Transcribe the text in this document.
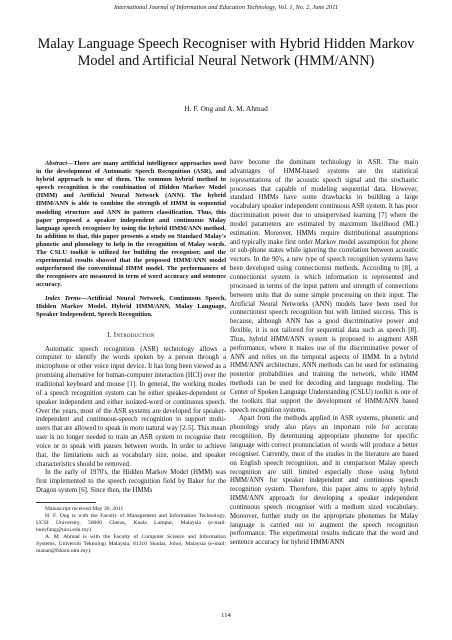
International Journal of Information and Education Technology, Vol. 1, No. 2, June 2011
Malay Language Speech Recogniser with Hybrid Hidden Markov Model and Artificial Neural Network (HMM/ANN)
H. F. Ong and A. M. Ahmad

Abstract—There are many artificial intelligence approaches used in the development of Automatic Speech Recognition (ASR), and hybrid approach is one of them. The common hybrid method in speech recognition is the combination of Hidden Markov Model (HMM) and Artificial Neural Network (ANN). The hybrid HMM/ANN is able to combine the strength of HMM in sequential modeling structure and ANN in pattern classification. Thus, this paper proposed a speaker independent and continuous Malay language speech recogniser by using the hybrid HMM/ANN method. In addition to that, this paper presents a study on Standard Malay's phonetic and phonology to help in the recognition of Malay words. The CSLU toolkit is utilized for building the recogniser, and the experimental results showed that the proposed HMM/ANN model outperformed the conventional HMM model. The performances of the recognisers are measured in term of word accuracy and sentence accuracy.

Index Terms—Artificial Neural Network, Continuous Speech, Hidden Markov Model, Hybrid HMM/ANN, Malay Language, Speaker Independent, Speech Recognition.

I. Introduction

Automatic speech recognition (ASR) technology allows a computer to identify the words spoken by a person through a microphone or other voice input device. It has long been viewed as a promising alternative for human-computer interaction (HCI) over the traditional keyboard and mouse [1]. In general, the working modes of a speech recognition system can be either speaker-dependent or speaker independent and either isolated-word or continuous speech. Over the years, most of the ASR systems are developed for speaker-independent and continuous-speech recognition to support multi-users that are allowed to speak in more natural way [2-5]. This mean user is no longer needed to train an ASR system to recognise their voice or to speak with pauses between words. In order to achieve that, the limitations such as vocabulary size, noise, and speaker characteristics should be removed.

In the early of 1970's, the Hidden Markov Model (HMM) was first implemented to the speech recognition field by Baker for the Dragon system [6]. Since then, the HMMs

Manuscript received May 30, 2011

H. F. Ong is with the Faculty of Management and Information Technology, UCSI University, 56000 Cheras, Kuala Lumpur, Malaysia (e-mail: hueyfang@ucsi.edu.my).

A. M. Ahmad is with the Faculty of Computer Science and Information Systems, Universiti Teknologi Malaysia, 81310 Skudai, Johor, Malaysia (e-mail: manan@fsksm.utm.my).

have become the dominant technology in ASR. The main advantages of HMM-based systems are the statistical representations of the acoustic speech signal and the stochastic processes that capable of modeling sequential data. However, standard HMMs have some drawbacks in building a large vocabulary speaker independent continuous ASR system. It has poor discrimination power due to unsupervised learning [7] where the model parameters are estimated by maximum likelihood (ML) estimation. Moreover, HMMs require distributional assumptions and typically make first order Markov model assumption for phone or sub-phone states while ignoring the correlation between acoustic vectors. In the 90's, a new type of speech recognition systems have been developed using connectionist methods. According to [8], a connectionist system is which information is represented and processed in terms of the input pattern and strength of connections between units that do some simple processing on their input. The Artificial Neural Networks (ANN) models have been used for connectionist speech recognition but with limited success. This is because, although ANN has a good discriminative power and flexible, it is not tailored for sequential data such as speech [8]. Thus, hybrid HMM/ANN system is proposed to augment ASR performance, where it makes use of the discriminative power of ANN and relies on the temporal aspects of HMM. In a hybrid HMM/ANN architecture, ANN methods can be used for estimating posterior probabilities and training the network, while HMM methods can be used for decoding and language modeling. The Center of Spoken Language Understanding (CSLU) toolkit is one of the toolkits that support the development of HMM/ANN based speech recognition systems.

Apart from the methods applied in ASR systems, phonetic and phonology study also plays an important role for accurate recognition. By determining appropriate phoneme for specific language with correct pronunciation of words will produce a better recogniser. Currently, most of the studies in the literature are based on English speech recognition, and in comparison Malay speech recognition are still limited especially those using hybrid HMM/ANN for speaker independent and continuous speech recognition system. Therefore, this paper aims to apply hybrid HMM/ANN approach for developing a speaker independent continuous speech recogniser with a medium sized vocabulary. Moreover, further study on the appropriate phonemes for Malay language is carried out to augment the speech recognition performance. The experimental results indicate that the word and sentence accuracy for hybrid HMM/ANN

114
